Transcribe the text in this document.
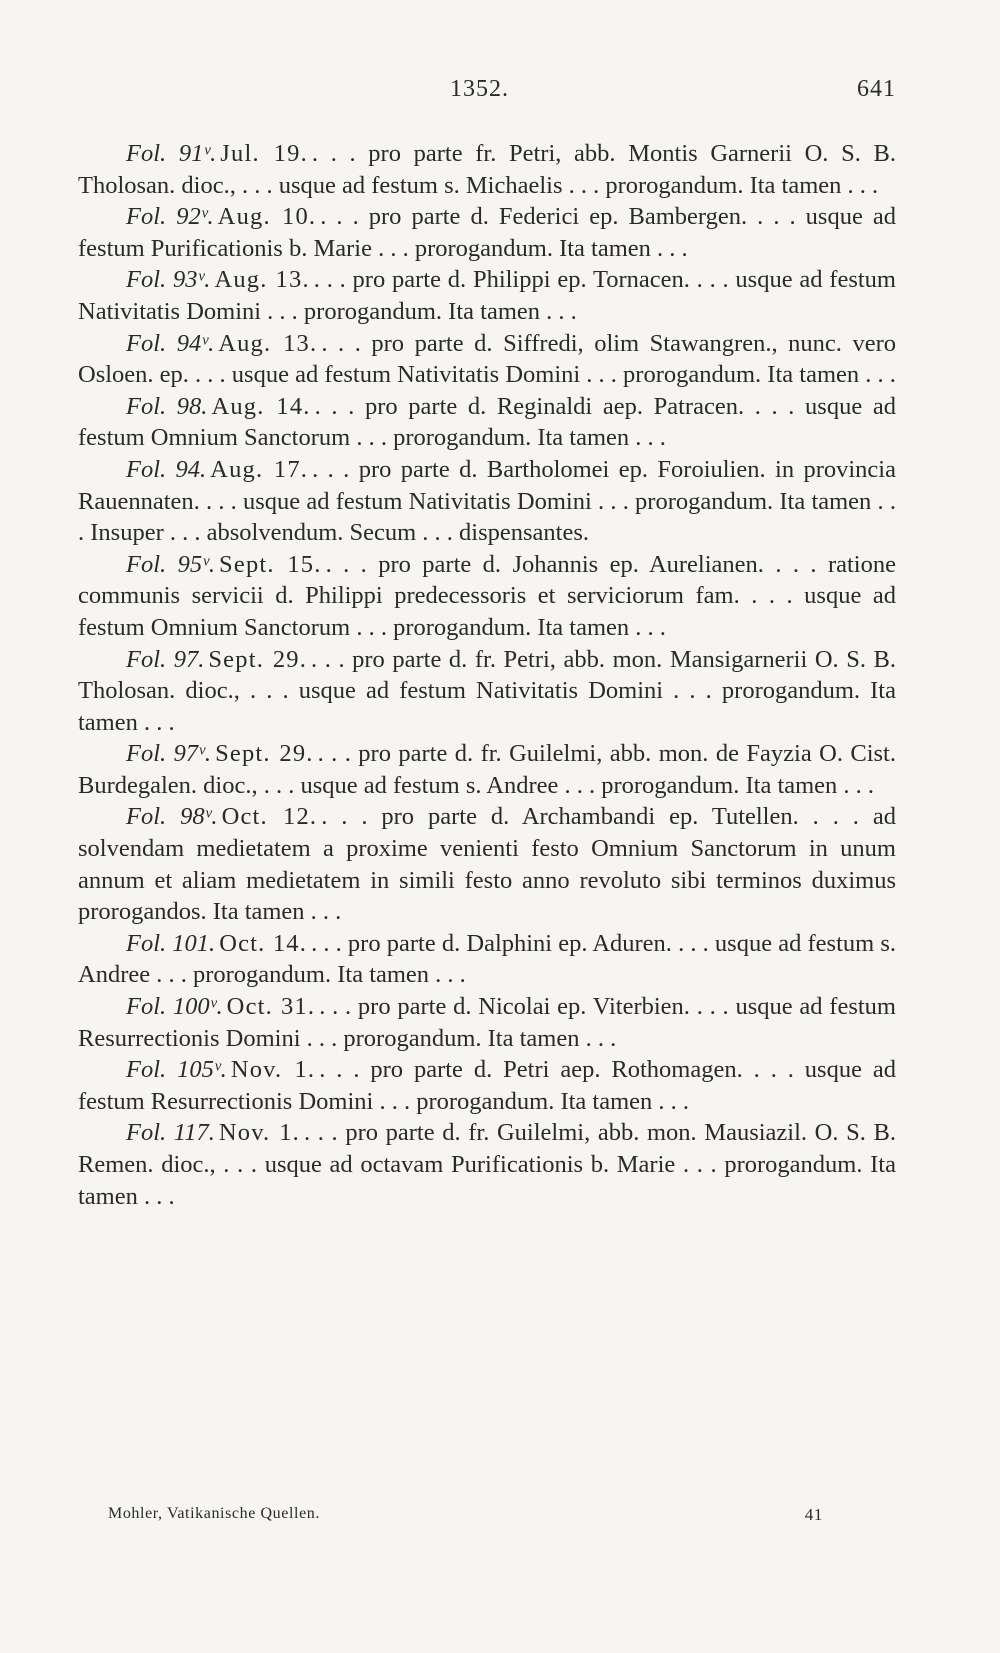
1352.	641

Fol. 91ᵛ. Jul. 19. . . . pro parte fr. Petri, abb. Montis Garnerii O. S. B. Tholosan. dioc., . . . usque ad festum s. Michaelis . . . prorogandum. Ita tamen . . .

Fol. 92ᵛ. Aug. 10. . . . pro parte d. Federici ep. Bambergen. . . . usque ad festum Purificationis b. Marie . . . prorogandum. Ita tamen . . .

Fol. 93ᵛ. Aug. 13. . . . pro parte d. Philippi ep. Tornacen. . . . usque ad festum Nativitatis Domini . . . prorogandum. Ita tamen . . .

Fol. 94ᵛ. Aug. 13. . . . pro parte d. Siffredi, olim Stawangren., nunc. vero Osloen. ep. . . . usque ad festum Nativitatis Domini . . . prorogandum. Ita tamen . . .

Fol. 98. Aug. 14. . . . pro parte d. Reginaldi aep. Patracen. . . . usque ad festum Omnium Sanctorum . . . prorogandum. Ita tamen . . .

Fol. 94. Aug. 17. . . . pro parte d. Bartholomei ep. Foroiulien. in provincia Rauennaten. . . . usque ad festum Nativitatis Domini . . . prorogandum. Ita tamen . . . Insuper . . . absolvendum. Secum . . . dispensantes.

Fol. 95ᵛ. Sept. 15. . . . pro parte d. Johannis ep. Aurelianen. . . . ratione communis servicii d. Philippi predecessoris et serviciorum fam. . . . usque ad festum Omnium Sanctorum . . . prorogandum. Ita tamen . . .

Fol. 97. Sept. 29. . . . pro parte d. fr. Petri, abb. mon. Mansigarnerii O. S. B. Tholosan. dioc., . . . usque ad festum Nativitatis Domini . . . prorogandum. Ita tamen . . .

Fol. 97ᵛ. Sept. 29. . . . pro parte d. fr. Guilelmi, abb. mon. de Fayzia O. Cist. Burdegalen. dioc., . . . usque ad festum s. Andree . . . prorogandum. Ita tamen . . .

Fol. 98ᵛ. Oct. 12. . . . pro parte d. Archambandi ep. Tutellen. . . . ad solvendam medietatem a proxime venienti festo Omnium Sanctorum in unum annum et aliam medietatem in simili festo anno revoluto sibi terminos duximus prorogandos. Ita tamen . . .

Fol. 101. Oct. 14. . . . pro parte d. Dalphini ep. Aduren. . . . usque ad festum s. Andree . . . prorogandum. Ita tamen . . .

Fol. 100ᵛ. Oct. 31. . . . pro parte d. Nicolai ep. Viterbien. . . . usque ad festum Resurrectionis Domini . . . prorogandum. Ita tamen . . .

Fol. 105ᵛ. Nov. 1. . . . pro parte d. Petri aep. Rothomagen. . . . usque ad festum Resurrectionis Domini . . . prorogandum. Ita tamen . . .

Fol. 117. Nov. 1. . . . pro parte d. fr. Guilelmi, abb. mon. Mausiazil. O. S. B. Remen. dioc., . . . usque ad octavam Purificationis b. Marie . . . prorogandum. Ita tamen . . .

Mohler, Vatikanische Quellen.	41
